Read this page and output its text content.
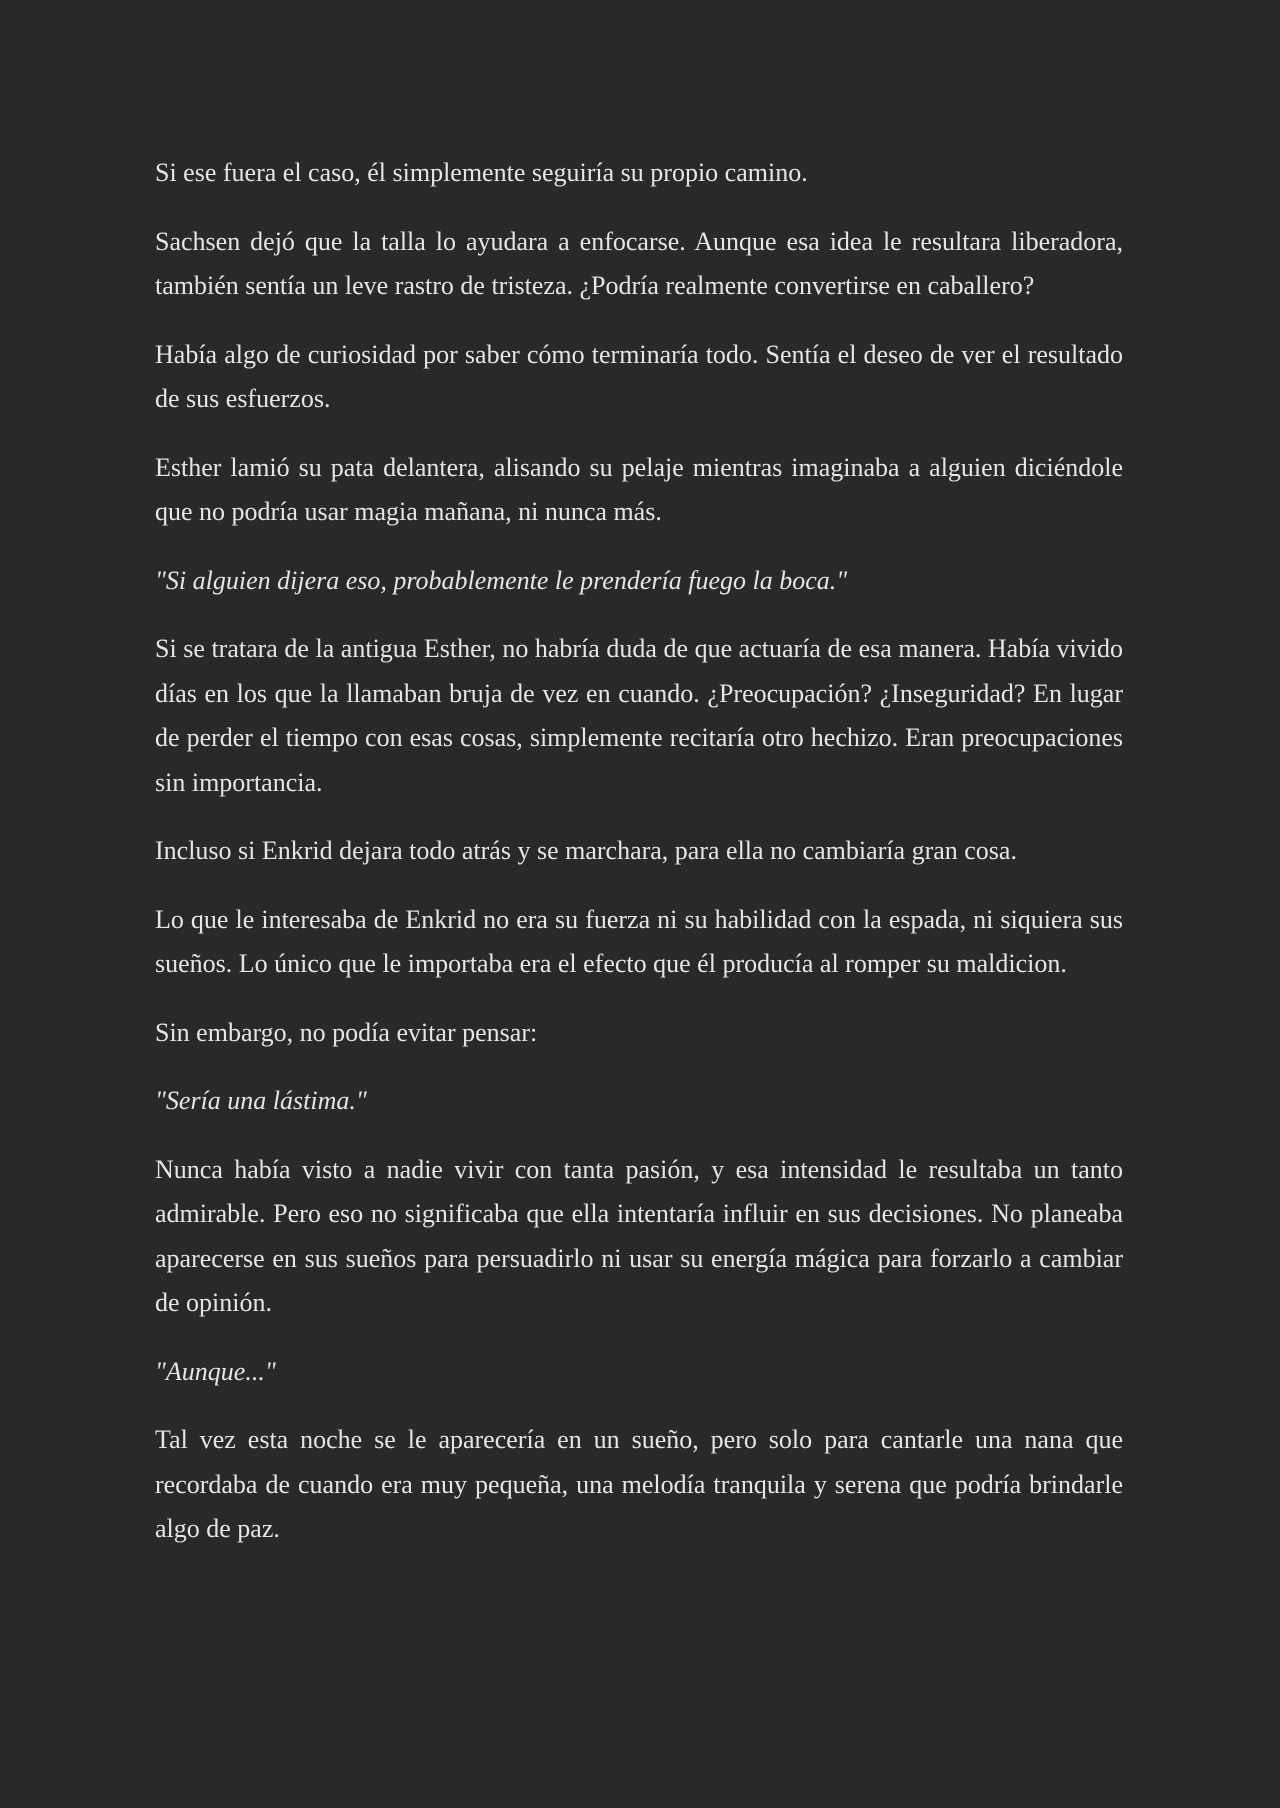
Si ese fuera el caso, él simplemente seguiría su propio camino.

Sachsen dejó que la talla lo ayudara a enfocarse. Aunque esa idea le resultara liberadora, también sentía un leve rastro de tristeza. ¿Podría realmente convertirse en caballero?

Había algo de curiosidad por saber cómo terminaría todo. Sentía el deseo de ver el resultado de sus esfuerzos.

Esther lamió su pata delantera, alisando su pelaje mientras imaginaba a alguien diciéndole que no podría usar magia mañana, ni nunca más.

"Si alguien dijera eso, probablemente le prendería fuego la boca."

Si se tratara de la antigua Esther, no habría duda de que actuaría de esa manera. Había vivido días en los que la llamaban bruja de vez en cuando. ¿Preocupación? ¿Inseguridad? En lugar de perder el tiempo con esas cosas, simplemente recitaría otro hechizo. Eran preocupaciones sin importancia.

Incluso si Enkrid dejara todo atrás y se marchara, para ella no cambiaría gran cosa.

Lo que le interesaba de Enkrid no era su fuerza ni su habilidad con la espada, ni siquiera sus sueños. Lo único que le importaba era el efecto que él producía al romper su maldicion.

Sin embargo, no podía evitar pensar:

"Sería una lástima."

Nunca había visto a nadie vivir con tanta pasión, y esa intensidad le resultaba un tanto admirable. Pero eso no significaba que ella intentaría influir en sus decisiones. No planeaba aparecerse en sus sueños para persuadirlo ni usar su energía mágica para forzarlo a cambiar de opinión.

"Aunque..."

Tal vez esta noche se le aparecería en un sueño, pero solo para cantarle una nana que recordaba de cuando era muy pequeña, una melodía tranquila y serena que podría brindarle algo de paz.
